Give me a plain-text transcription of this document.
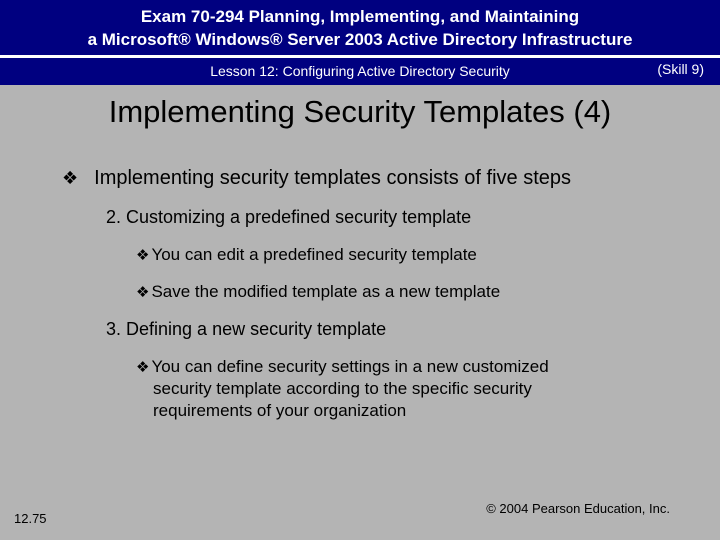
Exam 70-294 Planning, Implementing, and Maintaining
a Microsoft® Windows® Server 2003 Active Directory Infrastructure
Lesson 12: Configuring Active Directory Security	(Skill 9)
Implementing Security Templates (4)
❖ Implementing security templates consists of five steps
2. Customizing a predefined security template
❖ You can edit a predefined security template
❖ Save the modified template as a new template
3. Defining a new security template
❖ You can define security settings in a new customized
security template according to the specific security
requirements of your organization
12.75
© 2004 Pearson Education, Inc.
